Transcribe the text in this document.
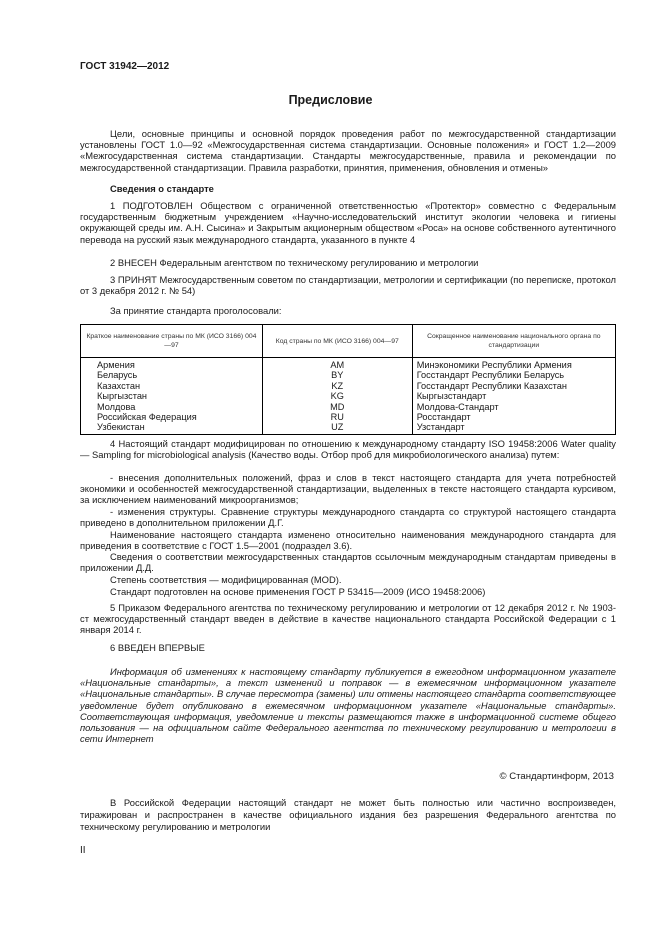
ГОСТ 31942—2012
Предисловие
Цели, основные принципы и основной порядок проведения работ по межгосударственной стандартизации установлены ГОСТ 1.0—92 «Межгосударственная система стандартизации. Основные положения» и ГОСТ 1.2—2009 «Межгосударственная система стандартизации. Стандарты межгосударственные, правила и рекомендации по межгосударственной стандартизации. Правила разработки, принятия, применения, обновления и отмены»
Сведения о стандарте
1 ПОДГОТОВЛЕН Обществом с ограниченной ответственностью «Протектор» совместно с Федеральным государственным бюджетным учреждением «Научно-исследовательский институт экологии человека и гигиены окружающей среды им. А.Н. Сысина» и Закрытым акционерным обществом «Роса» на основе собственного аутентичного перевода на русский язык международного стандарта, указанного в пункте 4
2 ВНЕСЕН Федеральным агентством по техническому регулированию и метрологии
3 ПРИНЯТ Межгосударственным советом по стандартизации, метрологии и сертификации (по переписке, протокол от 3 декабря 2012 г. № 54)
За принятие стандарта проголосовали:
Краткое наименование страны по МК (ИСО 3166) 004—97	Код страны по МК (ИСО 3166) 004—97	Сокращенное наименование национального органа по стандартизации
Армения	AM	Минэкономики Республики Армения
Беларусь	BY	Госстандарт Республики Беларусь
Казахстан	KZ	Госстандарт Республики Казахстан
Кыргызстан	KG	Кыргызстандарт
Молдова	MD	Молдова-Стандарт
Российская Федерация	RU	Росстандарт
Узбекистан	UZ	Узстандарт
4 Настоящий стандарт модифицирован по отношению к международному стандарту ISO 19458:2006 Water quality — Sampling for microbiological analysis (Качество воды. Отбор проб для микробиологического анализа) путем:
- внесения дополнительных положений, фраз и слов в текст настоящего стандарта для учета потребностей экономики и особенностей межгосударственной стандартизации, выделенных в тексте настоящего стандарта курсивом, за исключением наименований микроорганизмов;
- изменения структуры. Сравнение структуры международного стандарта со структурой настоящего стандарта приведено в дополнительном приложении Д.Г.
Наименование настоящего стандарта изменено относительно наименования международного стандарта для приведения в соответствие с ГОСТ 1.5—2001 (подраздел 3.6).
Сведения о соответствии межгосударственных стандартов ссылочным международным стандартам приведены в приложении Д.Д.
Степень соответствия — модифицированная (MOD).
Стандарт подготовлен на основе применения ГОСТ Р 53415—2009 (ИСО 19458:2006)
5 Приказом Федерального агентства по техническому регулированию и метрологии от 12 декабря 2012 г. № 1903-ст межгосударственный стандарт введен в действие в качестве национального стандарта Российской Федерации с 1 января 2014 г.
6 ВВЕДЕН ВПЕРВЫЕ
Информация об изменениях к настоящему стандарту публикуется в ежегодном информационном указателе «Национальные стандарты», а текст изменений и поправок — в ежемесячном информационном указателе «Национальные стандарты». В случае пересмотра (замены) или отмены настоящего стандарта соответствующее уведомление будет опубликовано в ежемесячном информационном указателе «Национальные стандарты». Соответствующая информация, уведомление и тексты размещаются также в информационной системе общего пользования — на официальном сайте Федерального агентства по техническому регулированию и метрологии в сети Интернет
© Стандартинформ, 2013
В Российской Федерации настоящий стандарт не может быть полностью или частично воспроизведен, тиражирован и распространен в качестве официального издания без разрешения Федерального агентства по техническому регулированию и метрологии
II
